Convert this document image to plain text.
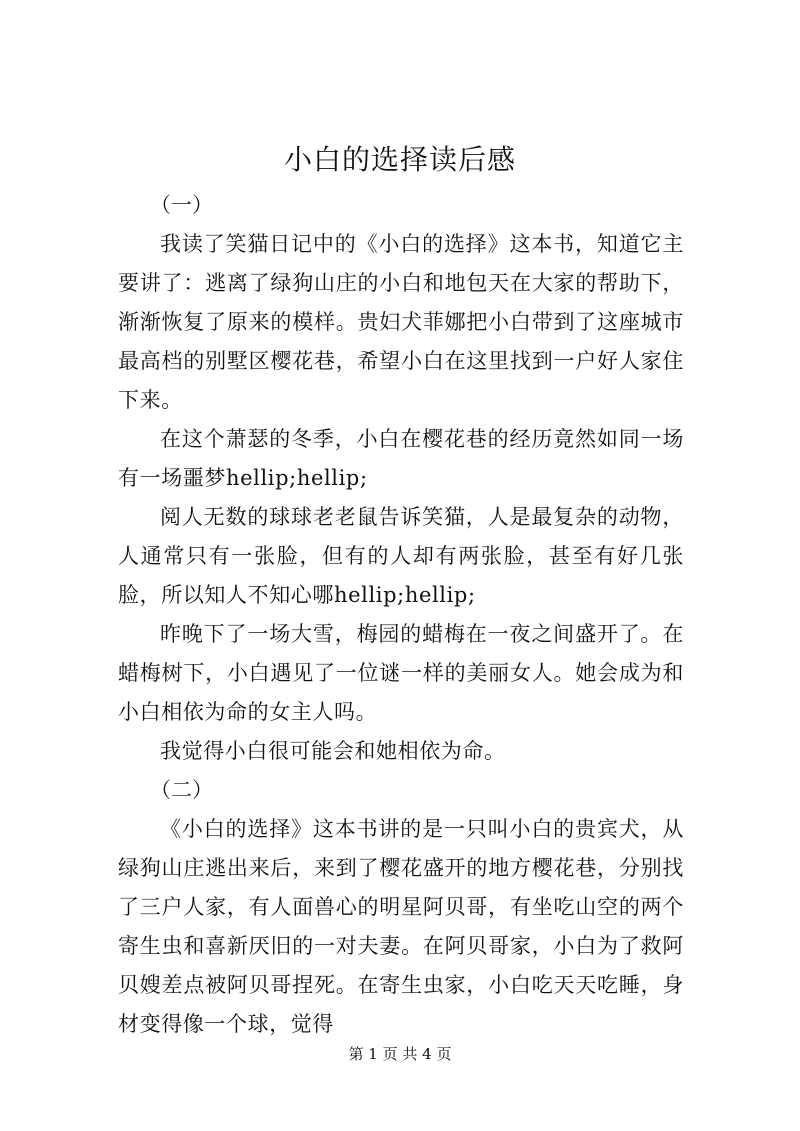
小白的选择读后感

（一）

我读了笑猫日记中的《小白的选择》这本书，知道它主要讲了：逃离了绿狗山庄的小白和地包天在大家的帮助下，渐渐恢复了原来的模样。贵妇犬菲娜把小白带到了这座城市最高档的别墅区樱花巷，希望小白在这里找到一户好人家住下来。

在这个萧瑟的冬季，小白在樱花巷的经历竟然如同一场有一场噩梦hellip;hellip;

阅人无数的球球老老鼠告诉笑猫，人是最复杂的动物，人通常只有一张脸，但有的人却有两张脸，甚至有好几张脸，所以知人不知心哪hellip;hellip;

昨晚下了一场大雪，梅园的蜡梅在一夜之间盛开了。在蜡梅树下，小白遇见了一位谜一样的美丽女人。她会成为和小白相依为命的女主人吗。

我觉得小白很可能会和她相依为命。

（二）

《小白的选择》这本书讲的是一只叫小白的贵宾犬，从绿狗山庄逃出来后，来到了樱花盛开的地方樱花巷，分别找了三户人家，有人面兽心的明星阿贝哥，有坐吃山空的两个寄生虫和喜新厌旧的一对夫妻。在阿贝哥家，小白为了救阿贝嫂差点被阿贝哥捏死。在寄生虫家，小白吃天天吃睡，身材变得像一个球，觉得

第 1 页 共 4 页
